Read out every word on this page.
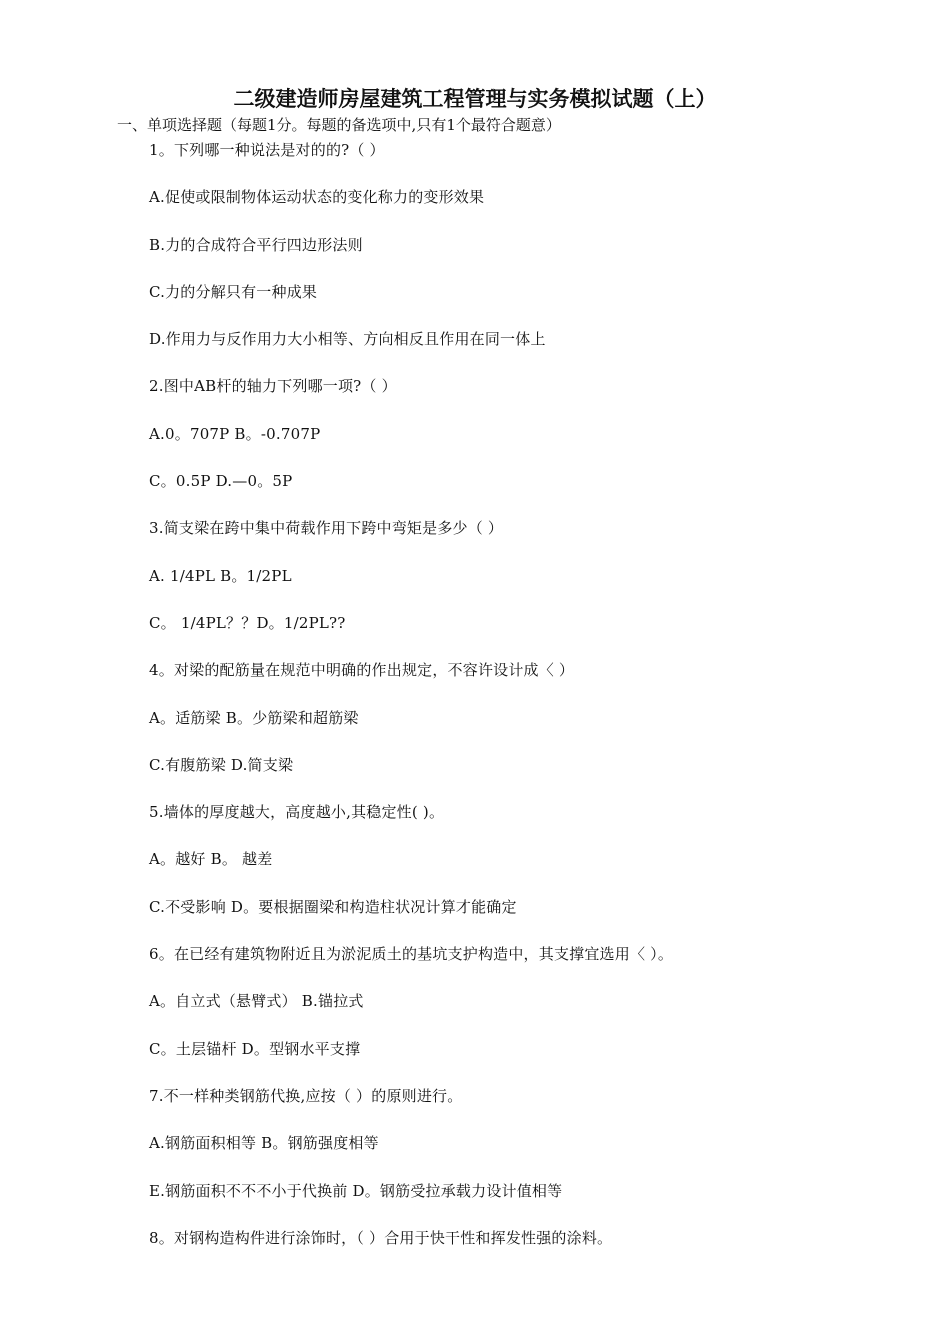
二级建造师房屋建筑工程管理与实务模拟试题（上）

一、单项选择题（每题1分。每题的备选项中,只有1个最符合题意）

1。下列哪一种说法是对的的?（ ）
A.促使或限制物体运动状态的变化称力的变形效果
B.力的合成符合平行四边形法则
C.力的分解只有一种成果
D.作用力与反作用力大小相等、方向相反且作用在同一体上
2.图中AB杆的轴力下列哪一项?（ ）
A.0。707P B。-0.707P
C。0.5P D.—0。5P
3.简支梁在跨中集中荷载作用下跨中弯矩是多少（ ）
A. 1/4PL B。1/2PL
C。 1/4PL？？D。1/2PL??
4。对梁的配筋量在规范中明确的作出规定，不容许设计成〈 ）
A。适筋梁 B。少筋梁和超筋梁
C.有腹筋梁 D.简支梁
5.墙体的厚度越大，高度越小,其稳定性( )。
A。越好 B。 越差
C.不受影响 D。要根据圈梁和构造柱状况计算才能确定
6。在已经有建筑物附近且为淤泥质土的基坑支护构造中，其支撑宜选用〈 ）。
A。自立式（悬臂式） B.锚拉式
C。土层锚杆 D。型钢水平支撑
7.不一样种类钢筋代换,应按（ ）的原则进行。
A.钢筋面积相等 B。钢筋强度相等
E.钢筋面积不不不小于代换前 D。钢筋受拉承载力设计值相等
8。对钢构造构件进行涂饰时，（ ）合用于快干性和挥发性强的涂料。
